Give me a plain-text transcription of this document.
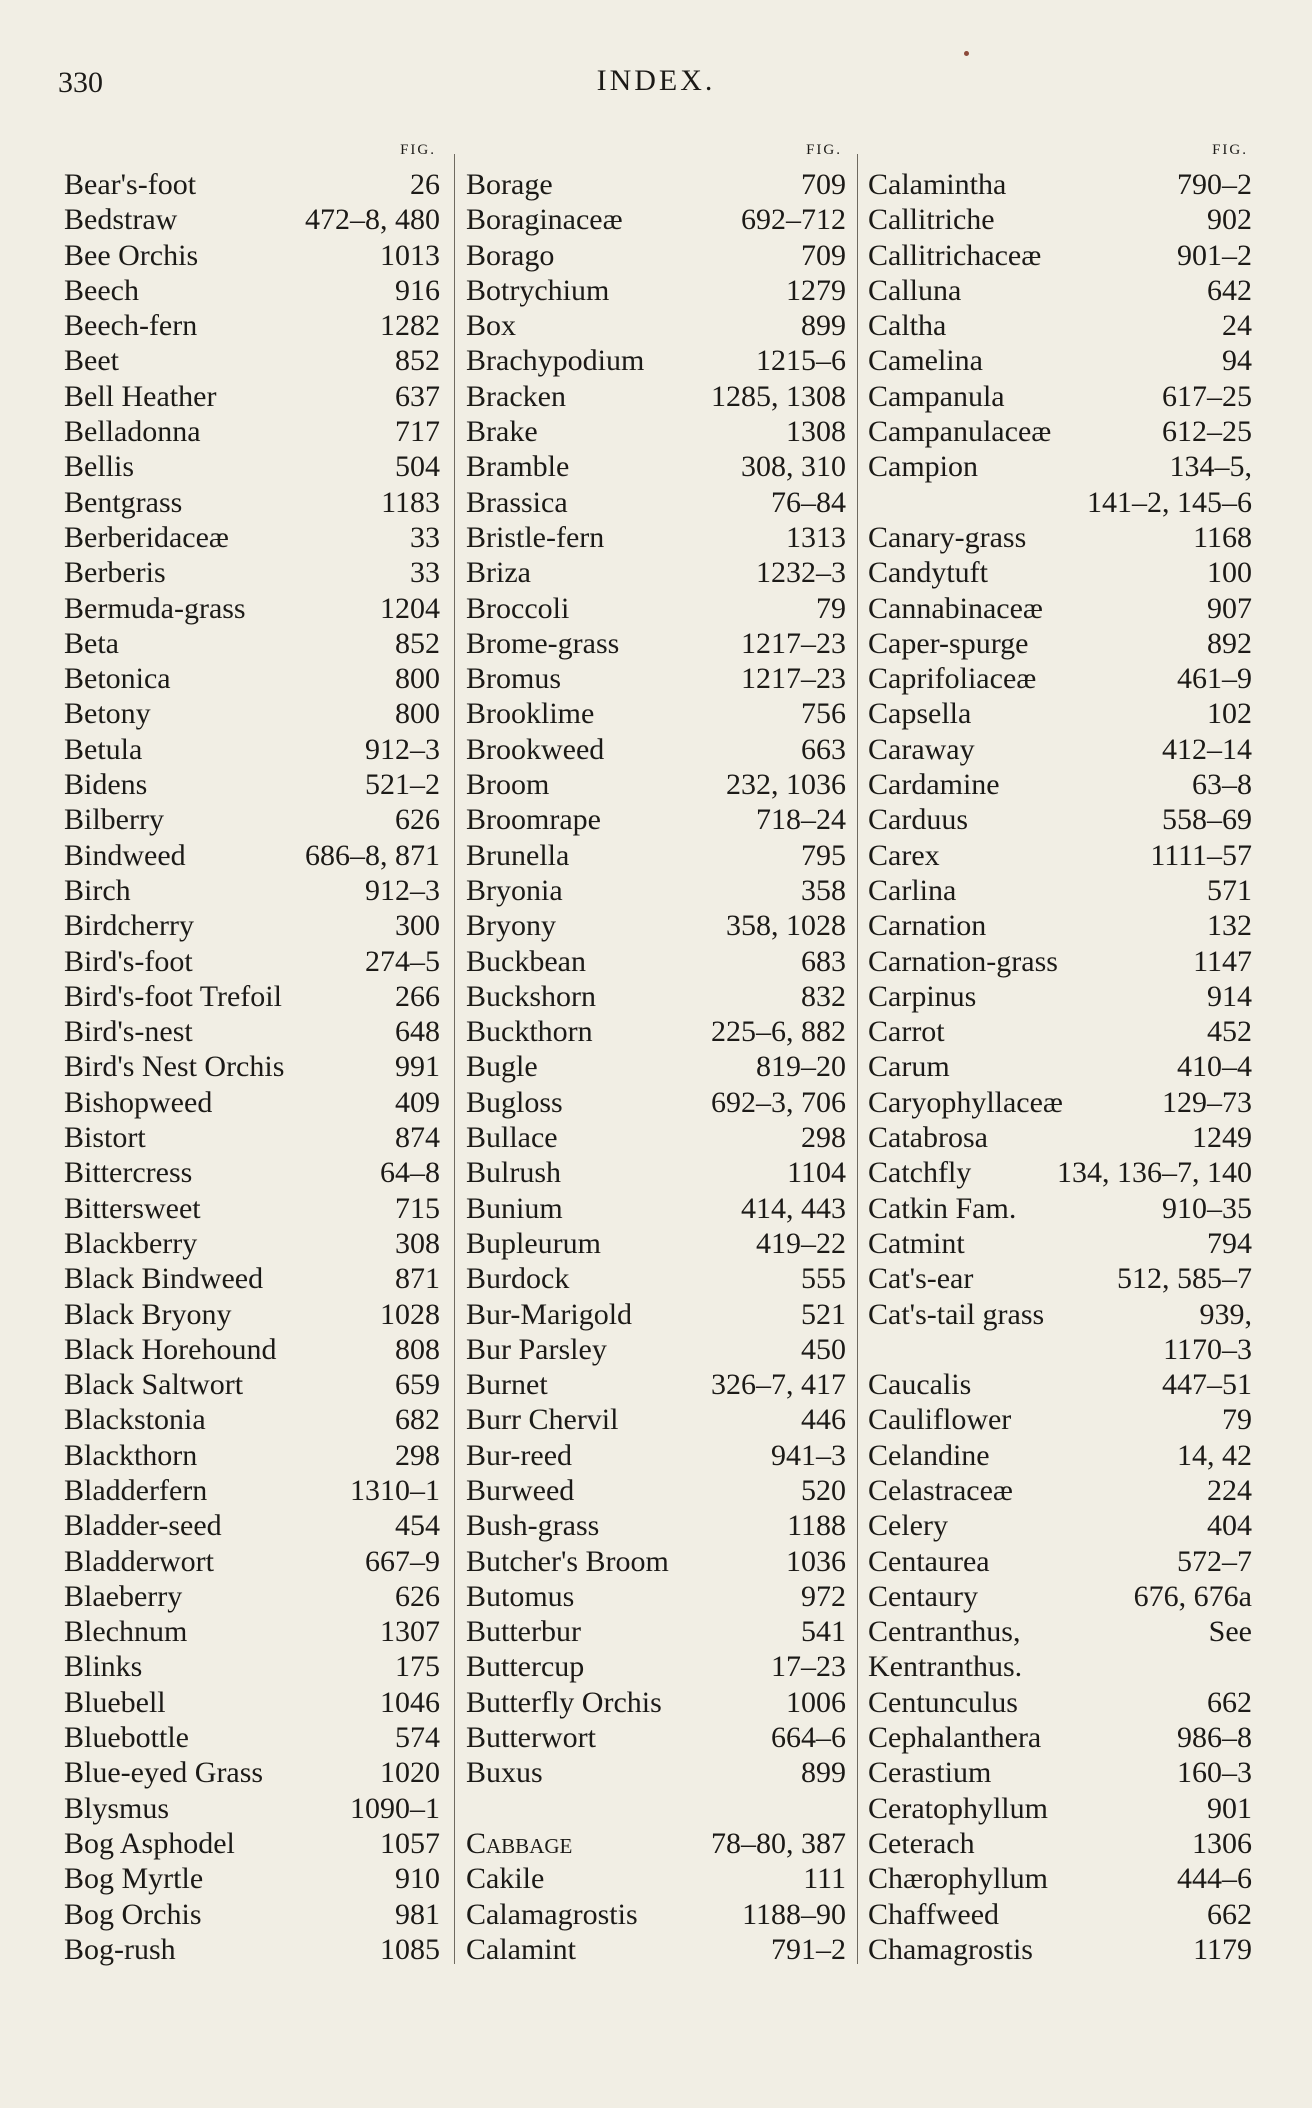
330	INDEX.
FIG.
Bear's-foot	26
Bedstraw	472–8, 480
Bee Orchis	1013
Beech	916
Beech-fern	1282
Beet	852
Bell Heather	637
Belladonna	717
Bellis	504
Bentgrass	1183
Berberidaceæ	33
Berberis	33
Bermuda-grass	1204
Beta	852
Betonica	800
Betony	800
Betula	912–3
Bidens	521–2
Bilberry	626
Bindweed	686–8, 871
Birch	912–3
Birdcherry	300
Bird's-foot	274–5
Bird's-foot Trefoil	266
Bird's-nest	648
Bird's Nest Orchis	991
Bishopweed	409
Bistort	874
Bittercress	64–8
Bittersweet	715
Blackberry	308
Black Bindweed	871
Black Bryony	1028
Black Horehound	808
Black Saltwort	659
Blackstonia	682
Blackthorn	298
Bladderfern	1310–1
Bladder-seed	454
Bladderwort	667–9
Blaeberry	626
Blechnum	1307
Blinks	175
Bluebell	1046
Bluebottle	574
Blue-eyed Grass	1020
Blysmus	1090–1
Bog Asphodel	1057
Bog Myrtle	910
Bog Orchis	981
Bog-rush	1085
FIG.
Borage	709
Boraginaceæ	692–712
Borago	709
Botrychium	1279
Box	899
Brachypodium	1215–6
Bracken	1285, 1308
Brake	1308
Bramble	308, 310
Brassica	76–84
Bristle-fern	1313
Briza	1232–3
Broccoli	79
Brome-grass	1217–23
Bromus	1217–23
Brooklime	756
Brookweed	663
Broom	232, 1036
Broomrape	718–24
Brunella	795
Bryonia	358
Bryony	358, 1028
Buckbean	683
Buckshorn	832
Buckthorn	225–6, 882
Bugle	819–20
Bugloss	692–3, 706
Bullace	298
Bulrush	1104
Bunium	414, 443
Bupleurum	419–22
Burdock	555
Bur-Marigold	521
Bur Parsley	450
Burnet	326–7, 417
Burr Chervil	446
Bur-reed	941–3
Burweed	520
Bush-grass	1188
Butcher's Broom	1036
Butomus	972
Butterbur	541
Buttercup	17–23
Butterfly Orchis	1006
Butterwort	664–6
Buxus	899
Cabbage	78–80, 387
Cakile	111
Calamagrostis	1188–90
Calamint	791–2
FIG.
Calamintha	790–2
Callitriche	902
Callitrichaceæ	901–2
Calluna	642
Caltha	24
Camelina	94
Campanula	617–25
Campanulaceæ	612–25
Campion	134–5,
141–2, 145–6
Canary-grass	1168
Candytuft	100
Cannabinaceæ	907
Caper-spurge	892
Caprifoliaceæ	461–9
Capsella	102
Caraway	412–14
Cardamine	63–8
Carduus	558–69
Carex	1111–57
Carlina	571
Carnation	132
Carnation-grass	1147
Carpinus	914
Carrot	452
Carum	410–4
Caryophyllaceæ	129–73
Catabrosa	1249
Catchfly	134, 136–7, 140
Catkin Fam.	910–35
Catmint	794
Cat's-ear	512, 585–7
Cat's-tail grass	939,
1170–3
Caucalis	447–51
Cauliflower	79
Celandine	14, 42
Celastraceæ	224
Celery	404
Centaurea	572–7
Centaury	676, 676a
Centranthus,	See
Kentranthus.
Centunculus	662
Cephalanthera	986–8
Cerastium	160–3
Ceratophyllum	901
Ceterach	1306
Chærophyllum	444–6
Chaffweed	662
Chamagrostis	1179
